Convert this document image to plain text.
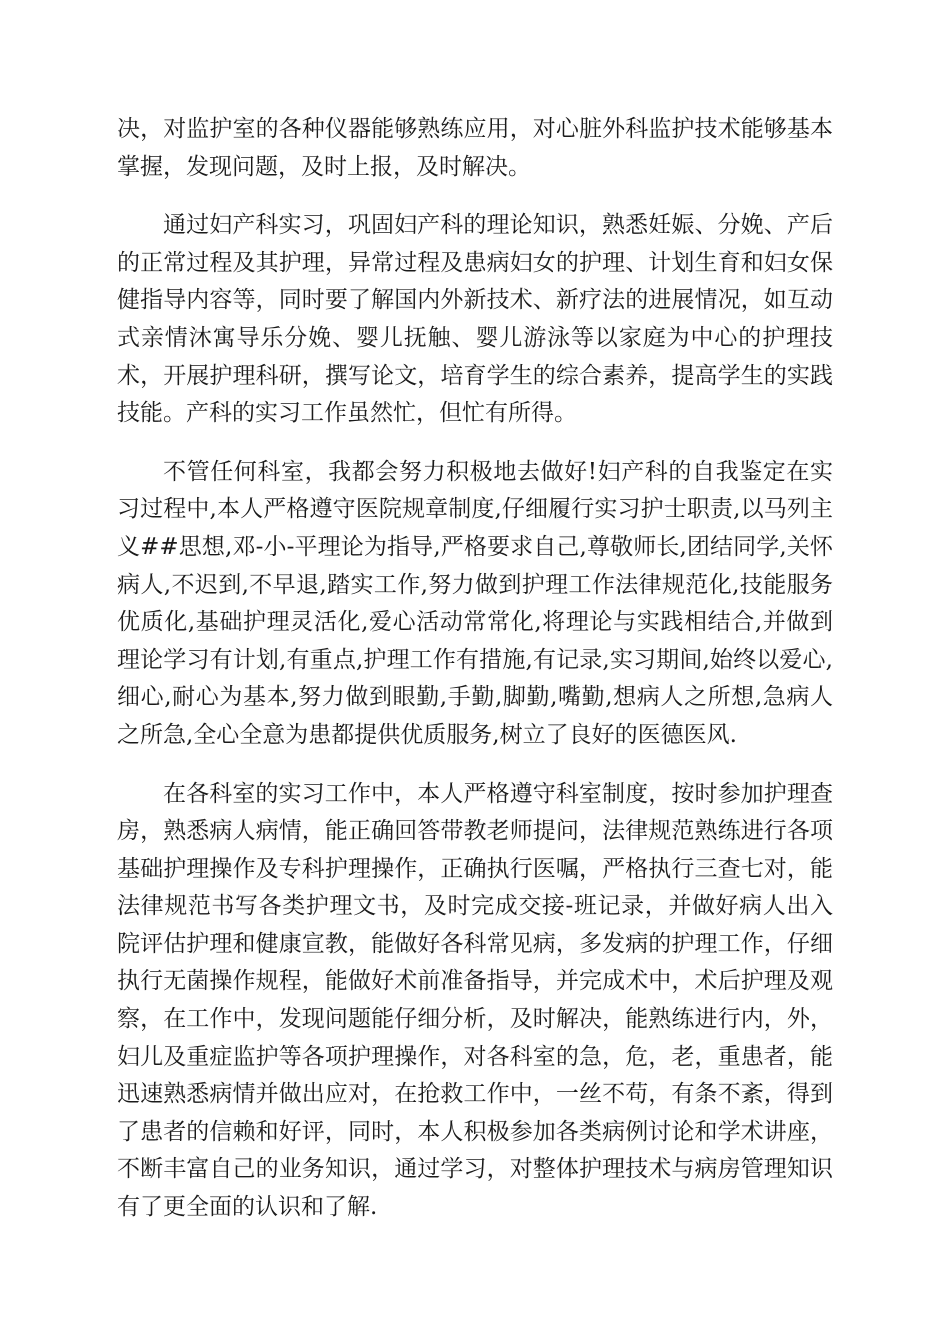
决，对监护室的各种仪器能够熟练应用，对心脏外科监护技术能够基本掌握，发现问题，及时上报，及时解决。

通过妇产科实习，巩固妇产科的理论知识，熟悉妊娠、分娩、产后的正常过程及其护理，异常过程及患病妇女的护理、计划生育和妇女保健指导内容等，同时要了解国内外新技术、新疗法的进展情况，如互动式亲情沐寓导乐分娩、婴儿抚触、婴儿游泳等以家庭为中心的护理技术，开展护理科研，撰写论文，培育学生的综合素养，提高学生的实践技能。产科的实习工作虽然忙，但忙有所得。

不管任何科室，我都会努力积极地去做好!妇产科的自我鉴定在实习过程中,本人严格遵守医院规章制度,仔细履行实习护士职责,以马列主义##思想,邓-小-平理论为指导,严格要求自己,尊敬师长,团结同学,关怀病人,不迟到,不早退,踏实工作,努力做到护理工作法律规范化,技能服务优质化,基础护理灵活化,爱心活动常常化,将理论与实践相结合,并做到理论学习有计划,有重点,护理工作有措施,有记录,实习期间,始终以爱心,细心,耐心为基本,努力做到眼勤,手勤,脚勤,嘴勤,想病人之所想,急病人之所急,全心全意为患都提供优质服务,树立了良好的医德医风.

在各科室的实习工作中，本人严格遵守科室制度，按时参加护理查房，熟悉病人病情，能正确回答带教老师提问，法律规范熟练进行各项基础护理操作及专科护理操作，正确执行医嘱，严格执行三查七对，能法律规范书写各类护理文书，及时完成交接-班记录，并做好病人出入院评估护理和健康宣教，能做好各科常见病，多发病的护理工作，仔细执行无菌操作规程，能做好术前准备指导，并完成术中，术后护理及观察，在工作中，发现问题能仔细分析，及时解决，能熟练进行内，外，妇儿及重症监护等各项护理操作，对各科室的急，危，老，重患者，能迅速熟悉病情并做出应对，在抢救工作中，一丝不苟，有条不紊，得到了患者的信赖和好评，同时，本人积极参加各类病例讨论和学术讲座，不断丰富自己的业务知识，通过学习，对整体护理技术与病房管理知识有了更全面的认识和了解.
